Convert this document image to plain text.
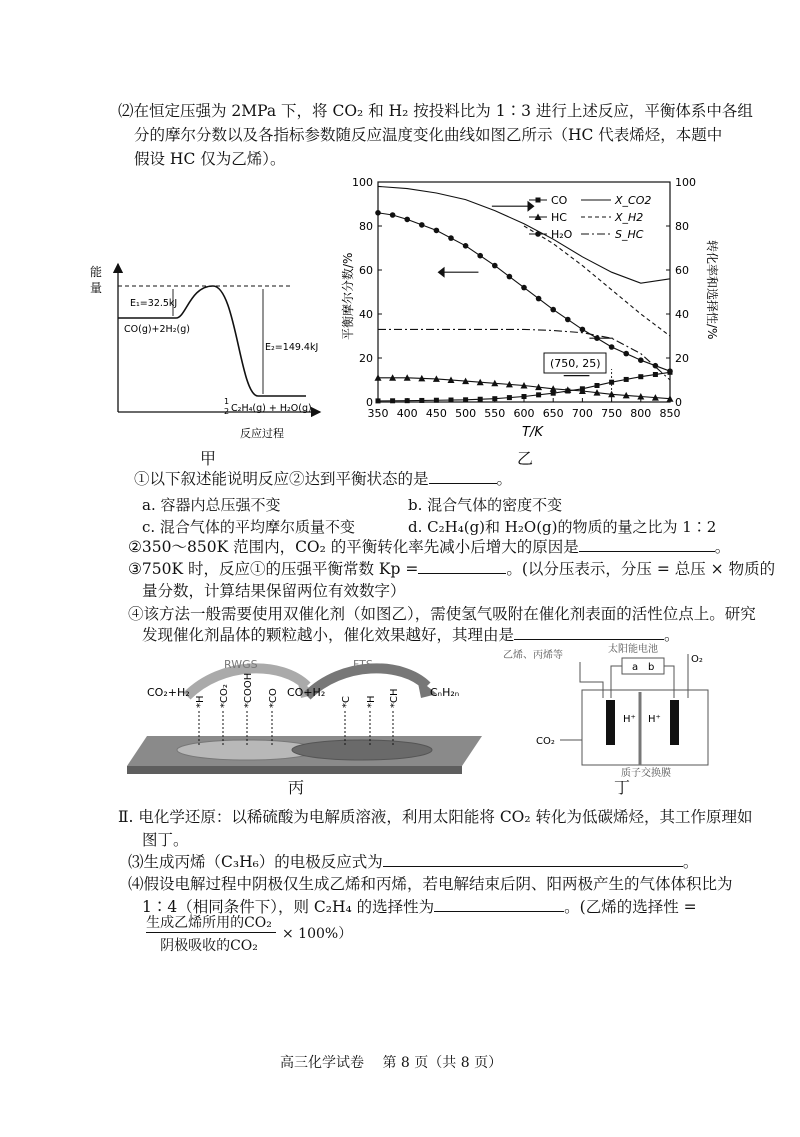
⑵在恒定压强为 2MPa 下，将 CO₂ 和 H₂ 按投料比为 1∶3 进行上述反应，平衡体系中各组
分的摩尔分数以及各指标参数随反应温度变化曲线如图乙所示（HC 代表烯烃，本题中
假设 HC 仅为乙烯）。
能
量
E₁=32.5kJ
CO(g)+2H₂(g)
E₂=149.4kJ
1
2 C₂H₄(g) + H₂O(g)
反应过程
甲
350 400 450 500 550 600 650 700 750 800 850
0
20
40
60
80
100
0
20
40
60
80
100
CO	X_CO2
HC	X_H2
H₂O	S_HC
平衡摩尔分数/%	转化率和选择性/%
T/K
(750, 25)
乙
①以下叙述能说明反应②达到平衡状态的是	。
a. 容器内总压强不变	b. 混合气体的密度不变
c. 混合气体的平均摩尔质量不变	d. C₂H₄(g)和 H₂O(g)的物质的量之比为 1∶2
②350～850K 范围内，CO₂ 的平衡转化率先减小后增大的原因是	。
③750K 时，反应①的压强平衡常数 Kp =	。(以分压表示，分压 = 总压 × 物质的
量分数，计算结果保留两位有效数字）
④该方法一般需要使用双催化剂（如图乙），需使氢气吸附在催化剂表面的活性位点上。研究
发现催化剂晶体的颗粒越小，催化效果越好，其理由是	。
RWGS	FTS
CO₂+H₂	CO+H₂	CₙH₂ₙ
*H *CO₂ *COOH *CO	*C *H *CH
丙
乙烯、丙烯等
太阳能电池
a b
O₂
H⁺ H⁺
CO₂
质子交换膜
丁
Ⅱ. 电化学还原：以稀硫酸为电解质溶液，利用太阳能将 CO₂ 转化为低碳烯烃，其工作原理如
图丁。
⑶生成丙烯（C₃H₆）的电极反应式为	。
⑷假设电解过程中阴极仅生成乙烯和丙烯，若电解结束后阴、阳两极产生的气体体积比为
1∶4（相同条件下），则 C₂H₄ 的选择性为	。(乙烯的选择性 =
生成乙烯所用的CO₂
阴极吸收的CO₂
× 100%）
高三化学试卷　 第 8 页（共 8 页）
